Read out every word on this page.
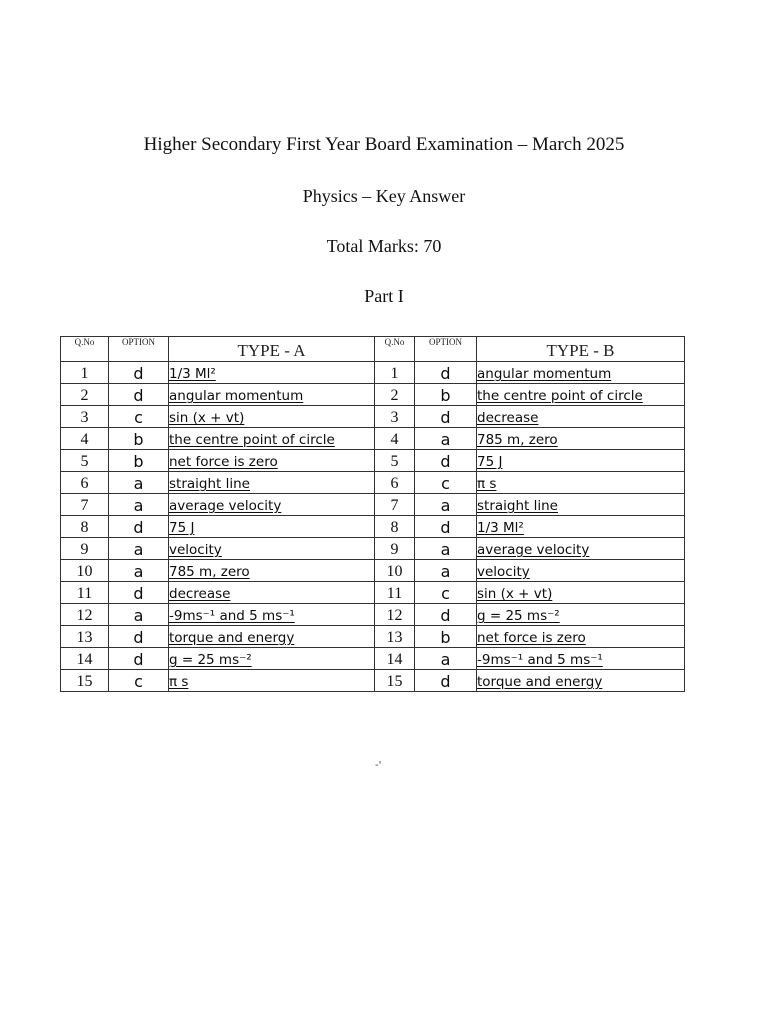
Higher Secondary First Year Board Examination – March 2025
Physics – Key Answer
Total Marks: 70
Part I
Q.No	OPTION	TYPE - A	Q.No	OPTION	TYPE - B
1	d	1/3 Ml²	1	d	angular momentum
2	d	angular momentum	2	b	the centre point of circle
3	c	sin (x + vt)	3	d	decrease
4	b	the centre point of circle	4	a	785 m, zero
5	b	net force is zero	5	d	75 J
6	a	straight line	6	c	π s
7	a	average velocity	7	a	straight line
8	d	75 J	8	d	1/3 Ml²
9	a	velocity	9	a	average velocity
10	a	785 m, zero	10	a	velocity
11	d	decrease	11	c	sin (x + vt)
12	a	-9ms⁻¹ and 5 ms⁻¹	12	d	g = 25 ms⁻²
13	d	torque and energy	13	b	net force is zero
14	d	g = 25 ms⁻²	14	a	-9ms⁻¹ and 5 ms⁻¹
15	c	π s	15	d	torque and energy
-'
